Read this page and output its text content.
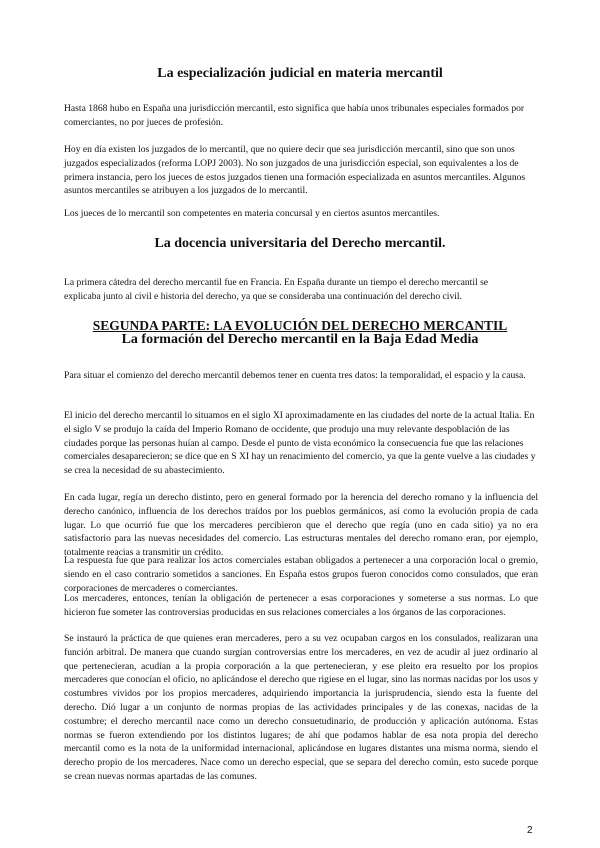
La especialización judicial en materia mercantil

Hasta 1868 hubo en España una jurisdicción mercantil, esto significa que había unos tribunales especiales formados por comerciantes, no por jueces de profesión.

Hoy en día existen los juzgados de lo mercantil, que no quiere decir que sea jurisdicción mercantil, sino que son unos juzgados especializados (reforma LOPJ 2003). No son juzgados de una jurisdicción especial, son equivalentes a los de primera instancia, pero los jueces de estos juzgados tienen una formación especializada en asuntos mercantiles. Algunos asuntos mercantiles se atribuyen a los juzgados de lo mercantil.

Los jueces de lo mercantil son competentes en materia concursal y en ciertos asuntos mercantiles.

La docencia universitaria del Derecho mercantil.

La primera cátedra del derecho mercantil fue en Francia. En España durante un tiempo el derecho mercantil se explicaba junto al civil e historia del derecho, ya que se consideraba una continuación del derecho civil.

SEGUNDA PARTE: LA EVOLUCIÓN DEL DERECHO MERCANTIL
La formación del Derecho mercantil en la Baja Edad Media

Para situar el comienzo del derecho mercantil debemos tener en cuenta tres datos: la temporalidad, el espacio y la causa.

El inicio del derecho mercantil lo situamos en el siglo XI aproximadamente en las ciudades del norte de la actual Italia. En el siglo V se produjo la caída del Imperio Romano de occidente, que produjo una muy relevante despoblación de las ciudades porque las personas huían al campo. Desde el punto de vista económico la consecuencia fue que las relaciones comerciales desaparecieron; se dice que en S XI hay un renacimiento del comercio, ya que la gente vuelve a las ciudades y se crea la necesidad de su abastecimiento.

En cada lugar, regía un derecho distinto, pero en general formado por la herencia del derecho romano y la influencia del derecho canónico, influencia de los derechos traídos por los pueblos germánicos, así como la evolución propia de cada lugar. Lo que ocurrió fue que los mercaderes percibieron que el derecho que regía (uno en cada sitio) ya no era satisfactorio para las nuevas necesidades del comercio. Las estructuras mentales del derecho romano eran, por ejemplo, totalmente reacias a transmitir un crédito.

La respuesta fue que para realizar los actos comerciales estaban obligados a pertenecer a una corporación local o gremio, siendo en el caso contrario sometidos a sanciones. En España estos grupos fueron conocidos como consulados, que eran corporaciones de mercaderes o comerciantes.

Los mercaderes, entonces, tenían la obligación de pertenecer a esas corporaciones y someterse a sus normas. Lo que hicieron fue someter las controversias producidas en sus relaciones comerciales a los órganos de las corporaciones.

Se instauró la práctica de que quienes eran mercaderes, pero a su vez ocupaban cargos en los consulados, realizaran una función arbitral. De manera que cuando surgían controversias entre los mercaderes, en vez de acudir al juez ordinario al que pertenecieran, acudían a la propia corporación a la que pertenecieran, y ese pleito era resuelto por los propios mercaderes que conocían el oficio, no aplicándose el derecho que rigiese en el lugar, sino las normas nacidas por los usos y costumbres vividos por los propios mercaderes, adquiriendo importancia la jurisprudencia, siendo esta la fuente del derecho. Dió lugar a un conjunto de normas propias de las actividades principales y de las conexas, nacidas de la costumbre; el derecho mercantil nace como un derecho consuetudinario, de producción y aplicación autónoma. Estas normas se fueron extendiendo por los distintos lugares; de ahí que podamos hablar de esa nota propia del derecho mercantil como es la nota de la uniformidad internacional, aplicándose en lugares distantes una misma norma, siendo el derecho propio de los mercaderes. Nace como un derecho especial, que se separa del derecho común, esto sucede porque se crean nuevas normas apartadas de las comunes.

2
